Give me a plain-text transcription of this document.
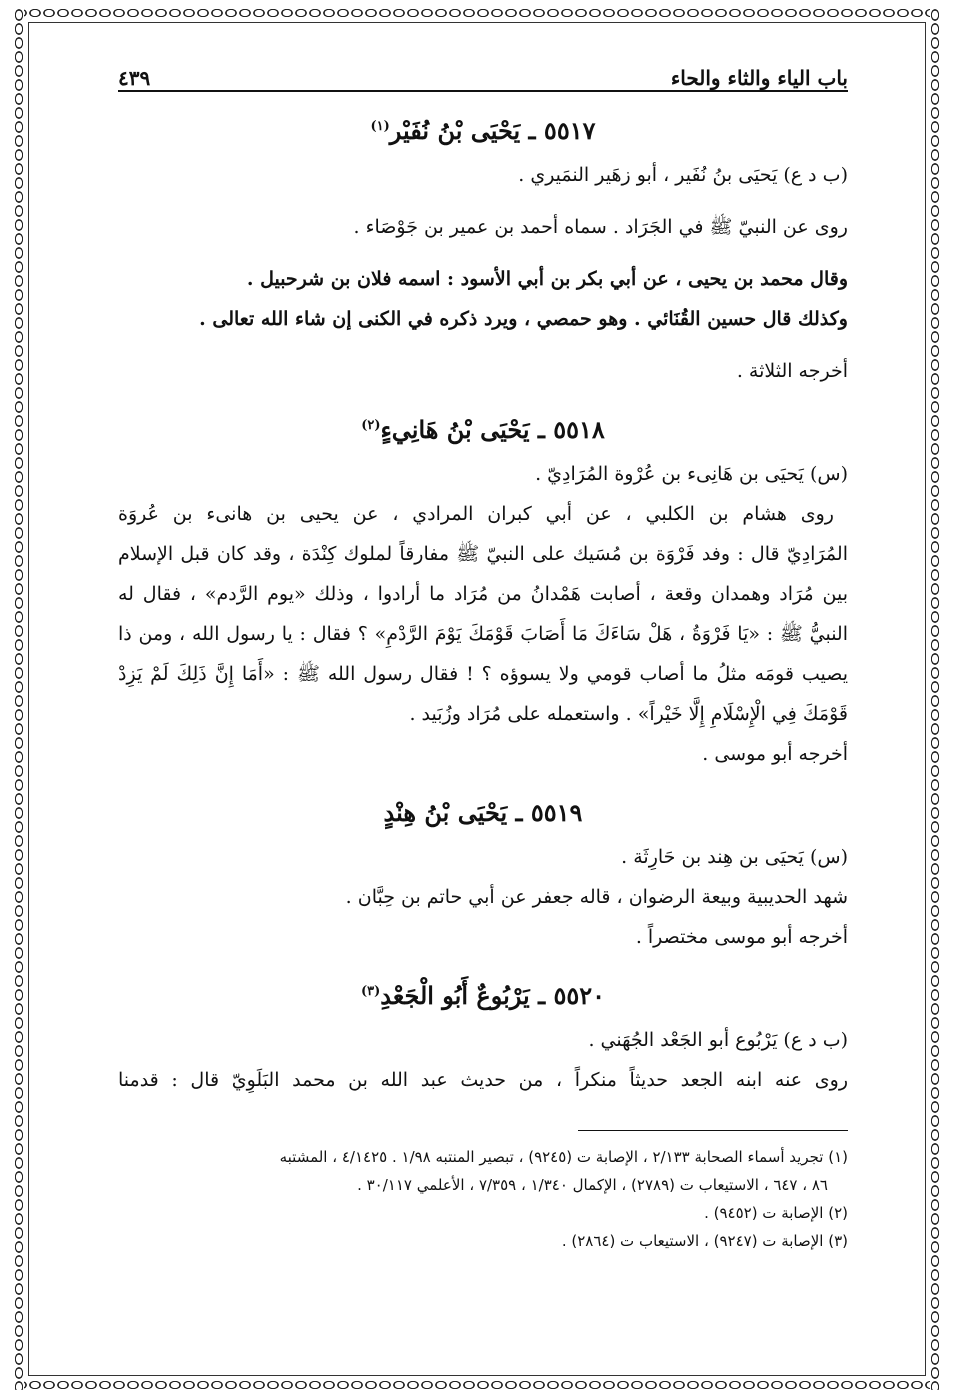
باب الياء والثاء والحاء
٤٣٩
٥٥١٧ ـ يَحْيَى بْنُ نُفَيْر$^{(١)}$

(ب د ع) يَحيَى بنُ نُفَير ، أبو زهَير النمَيري .

روى عن النبيّ ﷺ في الجَرَاد . سماه أحمد بن عمير بن جَوْصَاء .

وقال محمد بن يحيى ، عن أبي بكر بن أبي الأسود : اسمه فلان بن شرحبيل .

وكذلك قال حسين القُنَائي . وهو حمصي ، ويرد ذكره في الكنى إن شاء الله تعالى .

أخرجه الثلاثة .

٥٥١٨ ـ يَحْيَى بْنُ هَانِيءٍ$^{(٢)}$

(س) يَحيَى بن هَانِىء بن عُرْوة المُرَادِيّ .

روى هشام بن الكلبي ، عن أبي كبران المرادي ، عن يحيى بن هانىء بن عُروَة

المُرَادِيّ قال : وفد فَرْوَة بن مُسَيك على النبيّ ﷺ مفارقاً لملوك كِنْدَة ، وقد كان قبل الإسلام

بين مُرَاد وهمدان وقعة ، أصابت هَمْدانُ من مُرَاد ما أرادوا ، وذلك «يوم الرَّدم» ، فقال له

النبيُّ ﷺ : «يَا فَرْوَةُ ، هَلْ سَاءَكَ مَا أَصَابَ قَوْمَكَ يَوْمَ الرَّدْمِ» ؟ فقال : يا رسول الله ، ومن ذا

يصيب قومَه مثلُ ما أصاب قومي ولا يسوؤه ؟ ! فقال رسول الله ﷺ : «أَمَا إِنَّ ذَلِكَ لَمْ يَزِدْ

قَوْمَكَ فِي الْإِسْلَامِ إِلَّا خَيْراً» . واستعمله على مُرَاد وزُبَيد .

أخرجه أبو موسى .

٥٥١٩ ـ يَحْيَى بْنُ هِنْدٍ

(س) يَحيَى بن هِند بن حَارِثَة .

شهد الحديبية وبيعة الرضوان ، قاله جعفر عن أبي حاتم بن حِبَّان .

أخرجه أبو موسى مختصراً .

٥٥٢٠ ـ يَرْبُوعٌ أَبُو الْجَعْدِ$^{(٣)}$

(ب د ع) يَرْبُوع أبو الجَعْد الجُهَني .

روى عنه ابنه الجعد حديثاً منكراً ، من حديث عبد الله بن محمد البَلَوِيّ قال : قدمنا

(١) تجريد أسماء الصحابة ٢/١٣٣ ، الإصابة ت (٩٢٤٥) ، تبصير المنتبه ١/٩٨ . ٤/١٤٢٥ ، المشتبه

٨٦ ، ٦٤٧ ، الاستيعاب ت (٢٧٨٩) ، الإكمال ١/٣٤٠ ، ٧/٣٥٩ ، الأعلمي ٣٠/١١٧ .

(٢) الإصابة ت (٩٤٥٢) .

(٣) الإصابة ت (٩٢٤٧) ، الاستيعاب ت (٢٨٦٤) .
